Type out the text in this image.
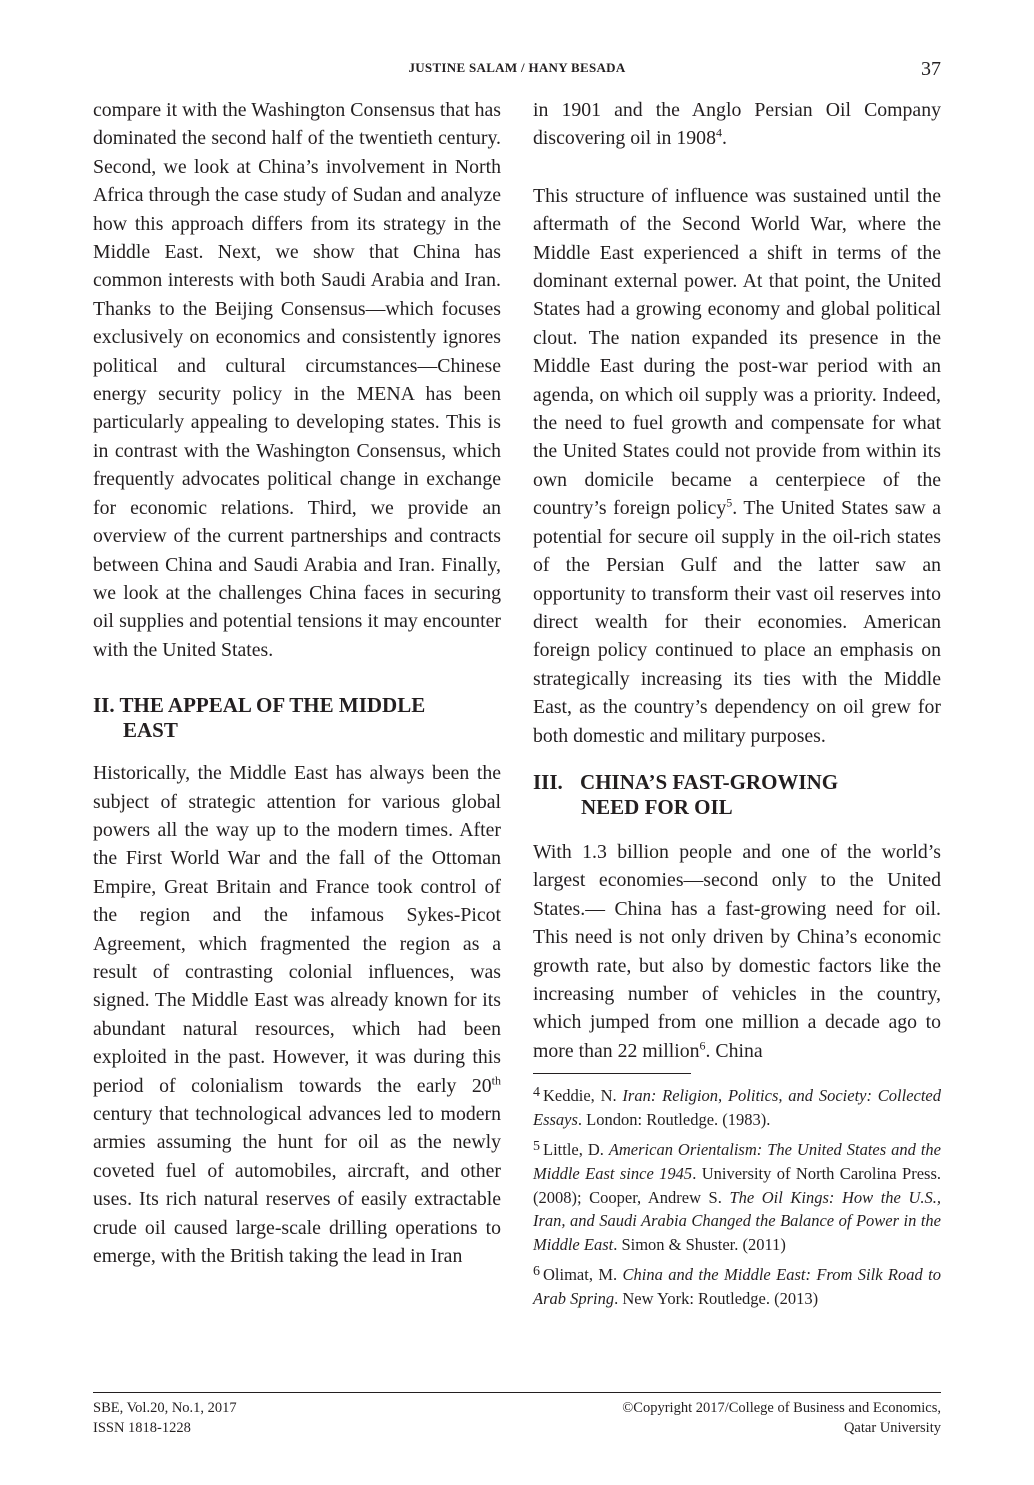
JUSTINE SALAM / HANY BESADA	37

compare it with the Washington Consensus that has dominated the second half of the twentieth century. Second, we look at China’s involvement in North Africa through the case study of Sudan and analyze how this approach differs from its strategy in the Middle East. Next, we show that China has common interests with both Saudi Arabia and Iran. Thanks to the Beijing Consensus—which focuses exclusively on economics and consistently ignores political and cultural circumstances—Chinese energy security policy in the MENA has been particularly appealing to developing states. This is in contrast with the Washington Consensus, which frequently advocates political change in exchange for economic relations. Third, we provide an overview of the current partnerships and contracts between China and Saudi Arabia and Iran. Finally, we look at the challenges China faces in securing oil supplies and potential tensions it may encounter with the United States.

II. THE APPEAL OF THE MIDDLE
EAST

Historically, the Middle East has always been the subject of strategic attention for various global powers all the way up to the modern times. After the First World War and the fall of the Ottoman Empire, Great Britain and France took control of the region and the infamous Sykes-Picot Agreement, which fragmented the region as a result of contrasting colonial influences, was signed. The Middle East was already known for its abundant natural resources, which had been exploited in the past. However, it was during this period of colonialism towards the early 20th century that technological advances led to modern armies assuming the hunt for oil as the newly coveted fuel of automobiles, aircraft, and other uses. Its rich natural reserves of easily extractable crude oil caused large-scale drilling operations to emerge, with the British taking the lead in Iran

in 1901 and the Anglo Persian Oil Company discovering oil in 1908$^4$.

This structure of influence was sustained until the aftermath of the Second World War, where the Middle East experienced a shift in terms of the dominant external power. At that point, the United States had a growing economy and global political clout. The nation expanded its presence in the Middle East during the post-war period with an agenda, on which oil supply was a priority. Indeed, the need to fuel growth and compensate for what the United States could not provide from within its own domicile became a centerpiece of the country’s foreign policy$^5$. The United States saw a potential for secure oil supply in the oil-rich states of the Persian Gulf and the latter saw an opportunity to transform their vast oil reserves into direct wealth for their economies. American foreign policy continued to place an emphasis on strategically increasing its ties with the Middle East, as the country’s dependency on oil grew for both domestic and military purposes.

III. CHINA’S FAST-GROWING
NEED FOR OIL

With 1.3 billion people and one of the world’s largest economies—second only to the United States.— China has a fast-growing need for oil. This need is not only driven by China’s economic growth rate, but also by domestic factors like the increasing number of vehicles in the country, which jumped from one million a decade ago to more than 22 million$^6$. China

$^4$ Keddie, N. Iran: Religion, Politics, and Society: Collected Essays. London: Routledge. (1983).

$^5$ Little, D. American Orientalism: The United States and the Middle East since 1945. University of North Carolina Press. (2008); Cooper, Andrew S. The Oil Kings: How the U.S., Iran, and Saudi Arabia Changed the Balance of Power in the Middle East. Simon & Shuster. (2011)

$^6$ Olimat, M. China and the Middle East: From Silk Road to Arab Spring. New York: Routledge. (2013)

SBE, Vol.20, No.1, 2017
ISSN 1818-1228
©Copyright 2017/College of Business and Economics,
Qatar University
